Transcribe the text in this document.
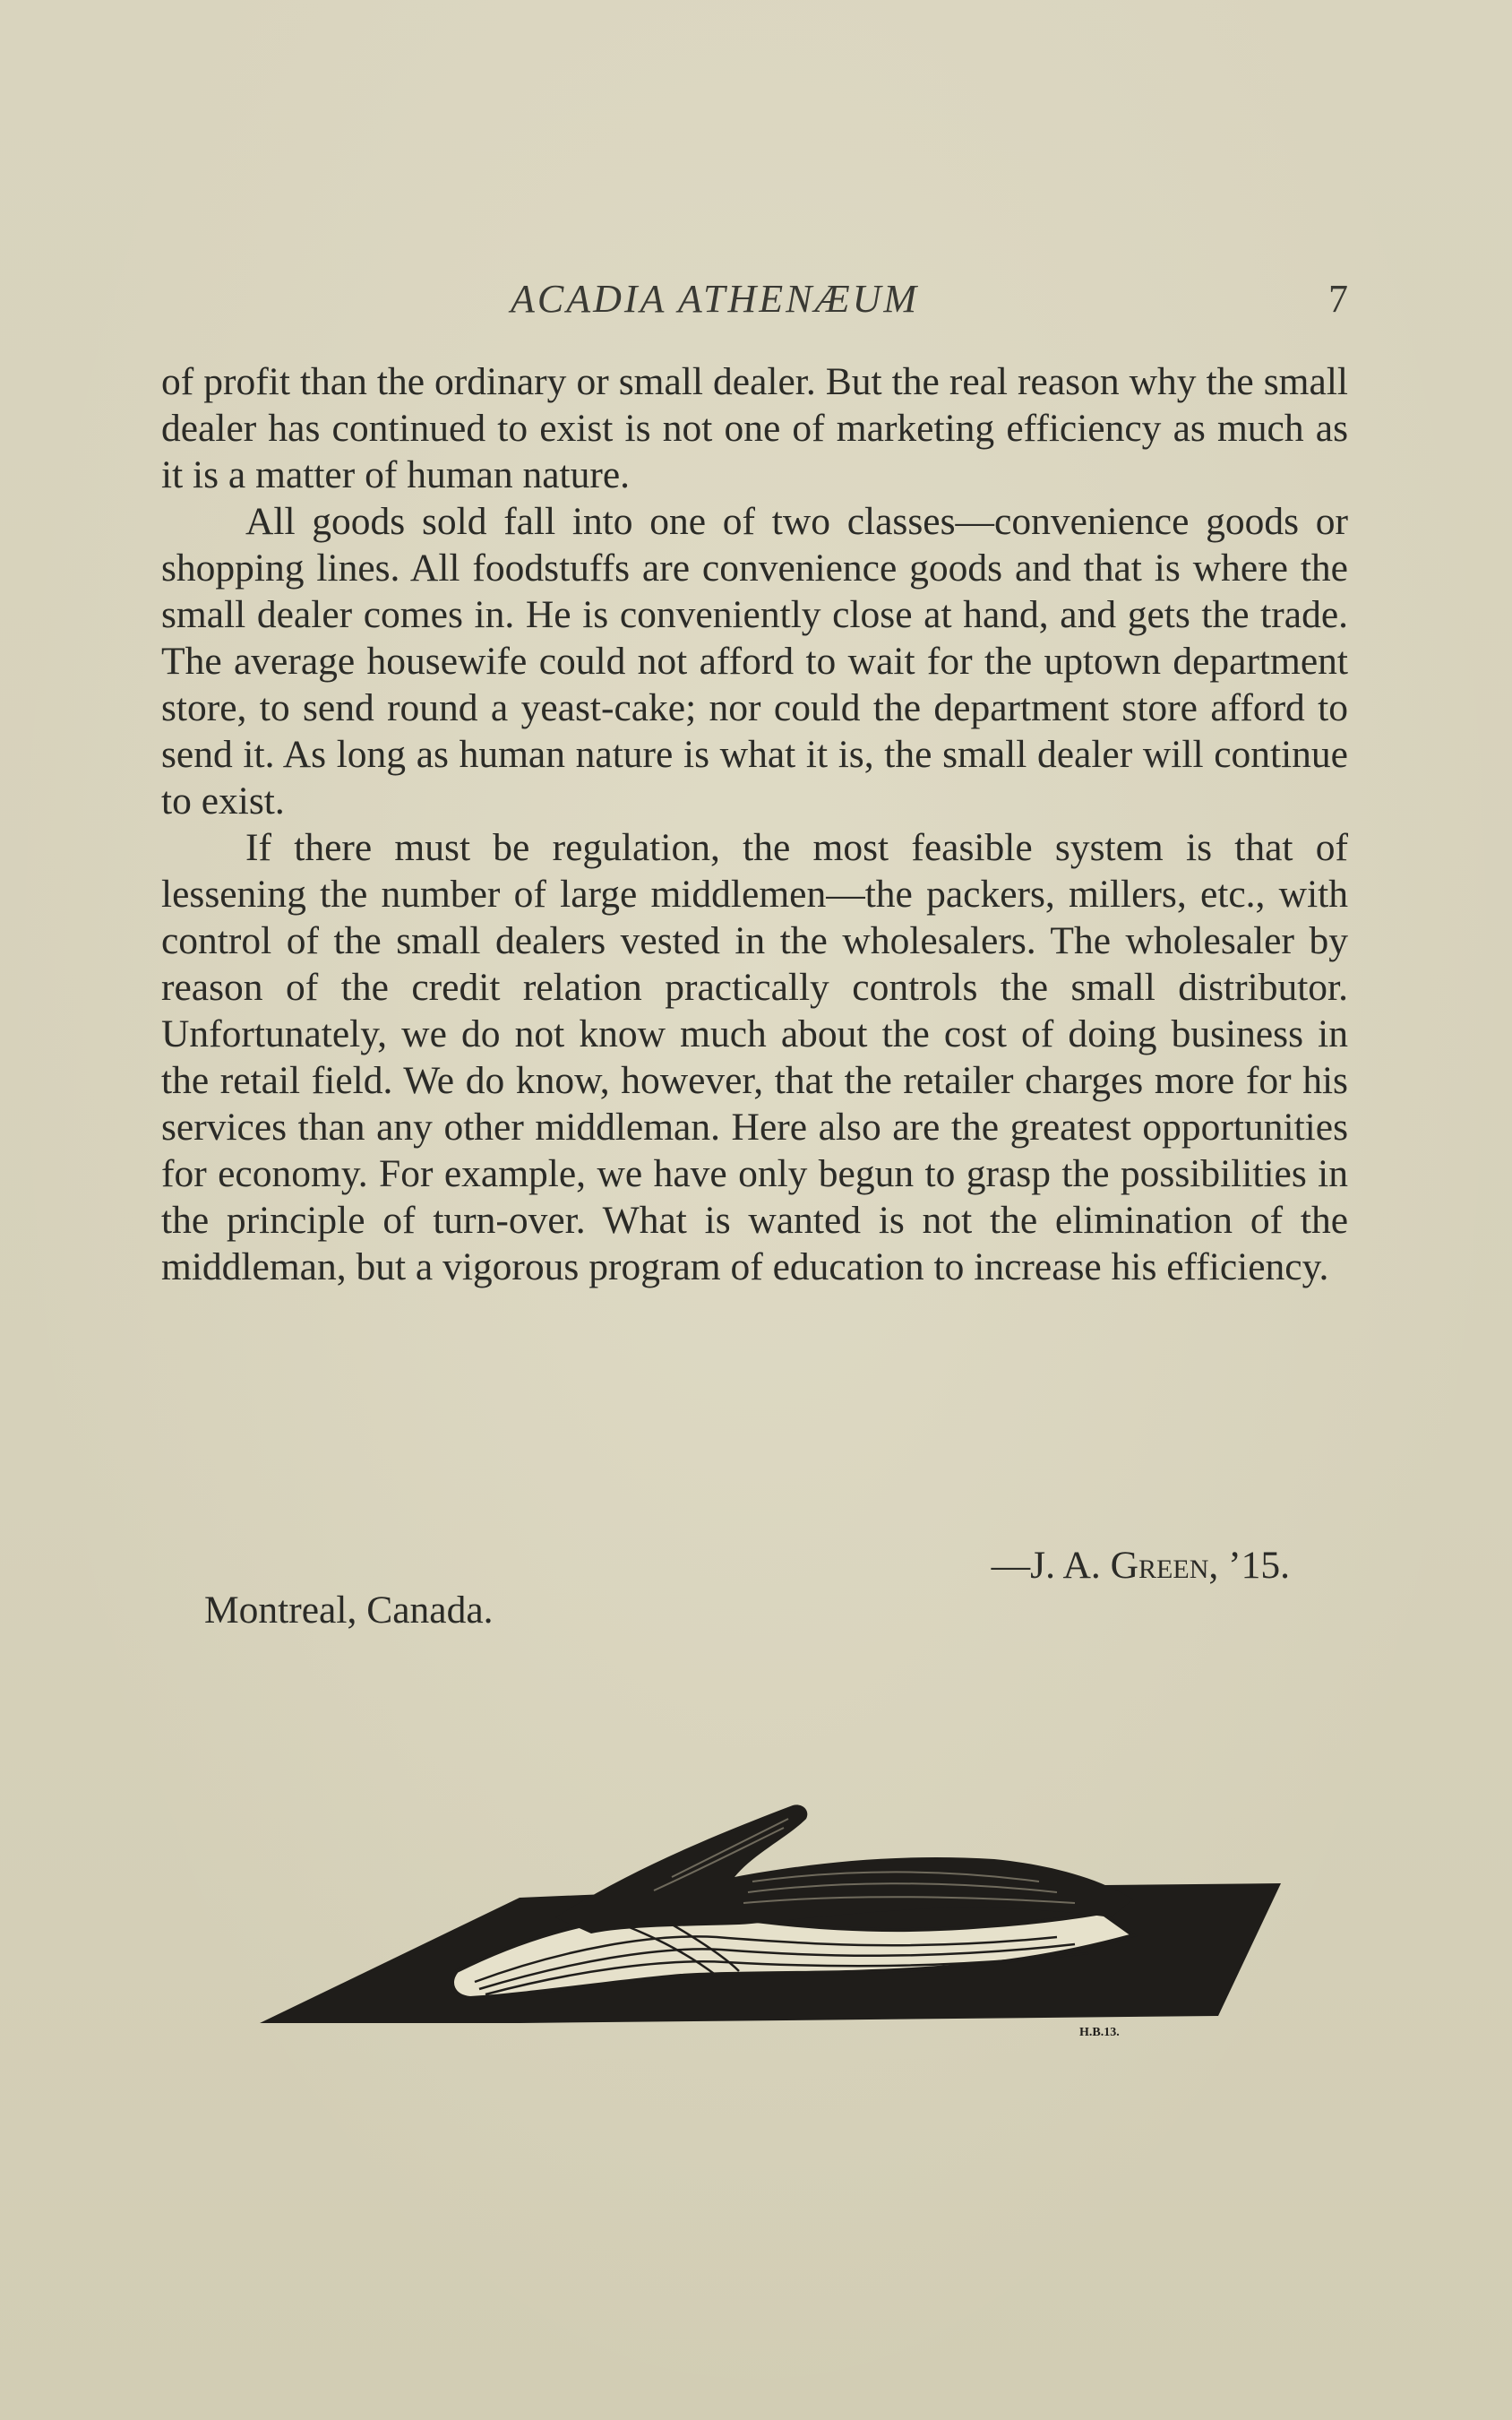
ACADIA ATHENÆUM	7

of profit than the ordinary or small dealer. But the real reason why the small dealer has continued to exist is not one of marketing efficiency as much as it is a matter of human nature.

All goods sold fall into one of two classes—convenience goods or shopping lines. All foodstuffs are convenience goods and that is where the small dealer comes in. He is conveniently close at hand, and gets the trade. The average housewife could not afford to wait for the uptown department store, to send round a yeast-cake; nor could the department store afford to send it. As long as human nature is what it is, the small dealer will continue to exist.

If there must be regulation, the most feasible system is that of lessening the number of large middlemen—the packers, millers, etc., with control of the small dealers vested in the wholesalers. The wholesaler by reason of the credit relation practically controls the small distributor. Unfortunately, we do not know much about the cost of doing business in the retail field. We do know, however, that the retailer charges more for his services than any other middleman. Here also are the greatest opportunities for economy. For example, we have only begun to grasp the possibilities in the principle of turn-over. What is wanted is not the elimination of the middleman, but a vigorous program of education to increase his efficiency.

—J. A. Green, ’15.
Montreal, Canada.
H.B.13.
